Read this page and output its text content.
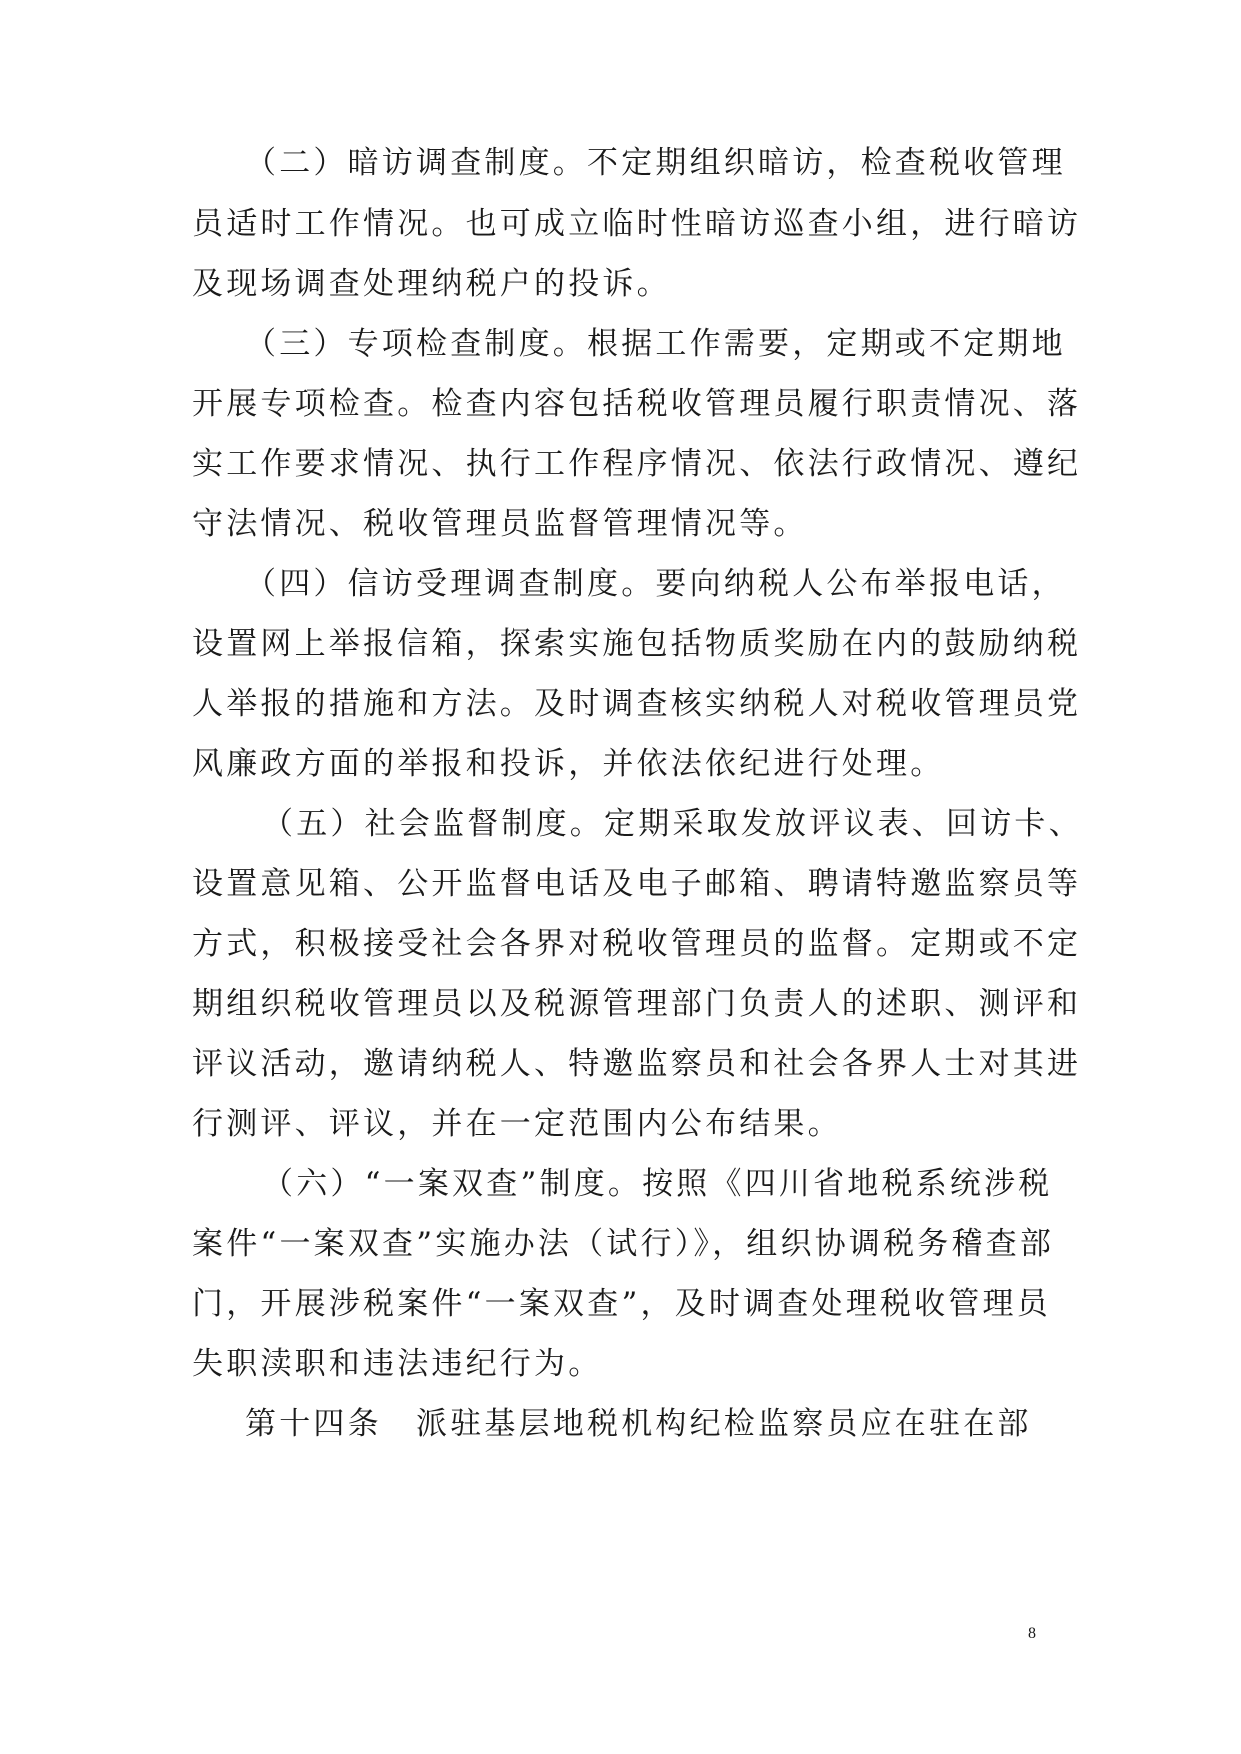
（二）暗访调查制度。不定期组织暗访，检查税收管理
员适时工作情况。也可成立临时性暗访巡查小组，进行暗访
及现场调查处理纳税户的投诉。
（三）专项检查制度。根据工作需要，定期或不定期地
开展专项检查。检查内容包括税收管理员履行职责情况、落
实工作要求情况、执行工作程序情况、依法行政情况、遵纪
守法情况、税收管理员监督管理情况等。
（四）信访受理调查制度。要向纳税人公布举报电话，
设置网上举报信箱，探索实施包括物质奖励在内的鼓励纳税
人举报的措施和方法。及时调查核实纳税人对税收管理员党
风廉政方面的举报和投诉，并依法依纪进行处理。
（五）社会监督制度。定期采取发放评议表、回访卡、
设置意见箱、公开监督电话及电子邮箱、聘请特邀监察员等
方式，积极接受社会各界对税收管理员的监督。定期或不定
期组织税收管理员以及税源管理部门负责人的述职、测评和
评议活动，邀请纳税人、特邀监察员和社会各界人士对其进
行测评、评议，并在一定范围内公布结果。
（六）“一案双查”制度。按照《四川省地税系统涉税
案件“一案双查”实施办法（试行）》，组织协调税务稽查部
门，开展涉税案件“一案双查”，及时调查处理税收管理员
失职渎职和违法违纪行为。
第十四条　派驻基层地税机构纪检监察员应在驻在部
8
